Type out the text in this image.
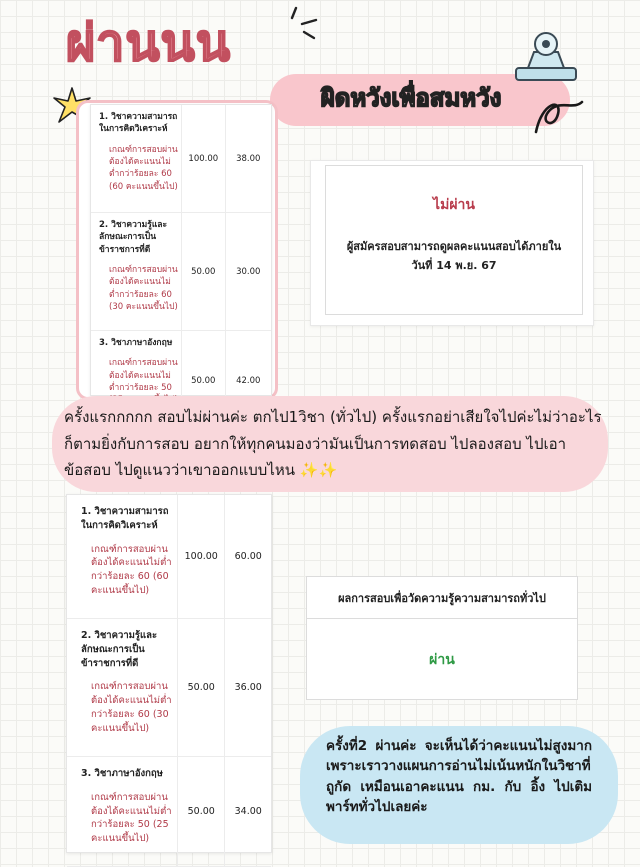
ผ่านนน
ผิดหวังเพื่อสมหวัง
1. วิชาความสามารถในการคิดวิเคราะห์
เกณฑ์การสอบผ่านต้องได้คะแนนไม่ต่ำกว่าร้อยละ 60 (60 คะแนนขึ้นไป)
100.00	38.00
2. วิชาความรู้และลักษณะการเป็นข้าราชการที่ดี
เกณฑ์การสอบผ่านต้องได้คะแนนไม่ต่ำกว่าร้อยละ 60 (30 คะแนนขึ้นไป)
50.00	30.00
3. วิชาภาษาอังกฤษ
เกณฑ์การสอบผ่านต้องได้คะแนนไม่ต่ำกว่าร้อยละ 50
50.00	42.00
ไม่ผ่าน
ผู้สมัครสอบสามารถดูผลคะแนนสอบได้ภายในวันที่ 14 พ.ย. 67
ครั้งแรกกกกก สอบไม่ผ่านค่ะ ตกไป1วิชา (ทั่วไป) ครั้งแรกอย่าเสียใจไปค่ะไม่ว่าอะไรก็ตามยิ่งกับการสอบ อยากให้ทุกคนมองว่ามันเป็นการทดสอบ ไปลองสอบ ไปเอาข้อสอบ ไปดูแนวว่าเขาออกแบบไหน ✨✨
1. วิชาความสามารถในการคิดวิเคราะห์
เกณฑ์การสอบผ่านต้องได้คะแนนไม่ต่ำกว่าร้อยละ 60 (60 คะแนนขึ้นไป)
100.00	60.00
2. วิชาความรู้และลักษณะการเป็นข้าราชการที่ดี
เกณฑ์การสอบผ่านต้องได้คะแนนไม่ต่ำกว่าร้อยละ 60 (30 คะแนนขึ้นไป)
50.00	36.00
3. วิชาภาษาอังกฤษ
เกณฑ์การสอบผ่านต้องได้คะแนนไม่ต่ำกว่าร้อยละ 50 (25 คะแนนขึ้นไป)
50.00	34.00
ผลการสอบเพื่อวัดความรู้ความสามารถทั่วไป
ผ่าน
ครั้งที่2 ผ่านค่ะ จะเห็นได้ว่าคะแนนไม่สูงมาก เพราะเราวางแผนการอ่านไม่เน้นหนักในวิชาที่ถูกัด เหมือนเอาคะแนน กม. กับ อิ้ง ไปเติมพาร์ททั่วไปเลยค่ะ
